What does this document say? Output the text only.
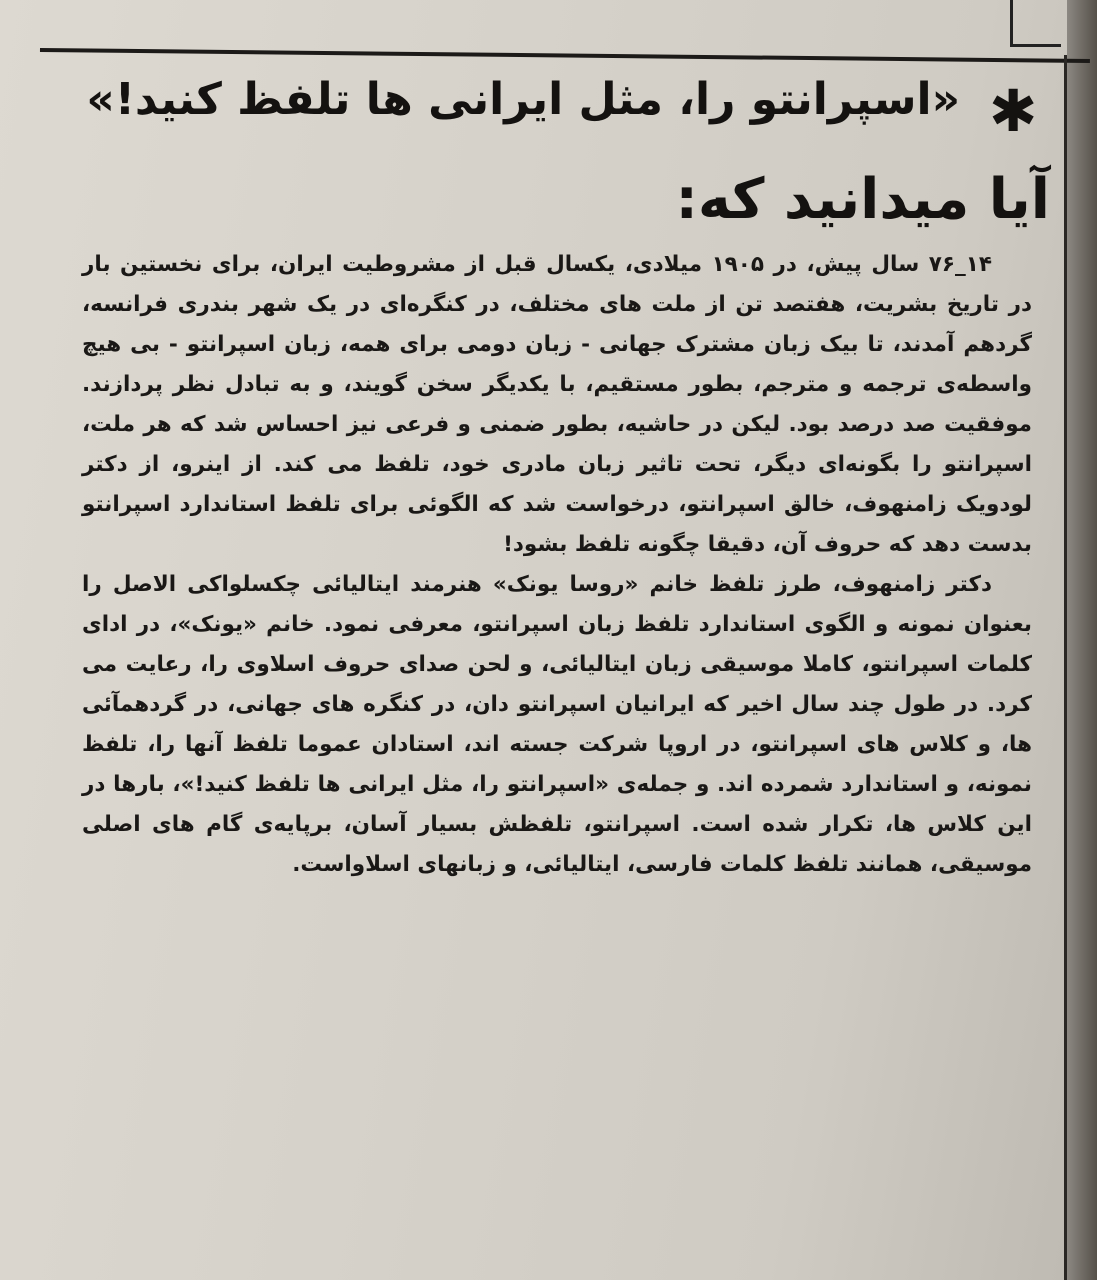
✱
«اسپرانتو را، مثل ایرانی ها تلفظ کنید!»
آیا میدانید که:

۱۴_۷۶ سال پیش، در ۱۹۰۵ میلادی، یکسال قبل از مشروطیت ایران، برای نخستین بار در تاریخ بشریت، هفتصد تن از ملت های مختلف، در کنگره‌ای در یک شهر بندری فرانسه، گردهم آمدند، تا بیک زبان مشترک جهانی - زبان دومی برای همه، زبان اسپرانتو - بی هیچ واسطه‌ی ترجمه و مترجم، بطور مستقیم، با یکدیگر سخن گویند، و به تبادل نظر پردازند. موفقیت صد درصد بود. لیکن در حاشیه، بطور ضمنی و فرعی نیز احساس شد که هر ملت، اسپرانتو را بگونه‌ای دیگر، تحت تاثیر زبان مادری خود، تلفظ می کند. از اینرو، از دکتر لودویک زامنهوف، خالق اسپرانتو، درخواست شد که الگوئی برای تلفظ استاندارد اسپرانتو بدست دهد که حروف آن، دقیقا چگونه تلفظ بشود!

دکتر زامنهوف، طرز تلفظ خانم «روسا یونک» هنرمند ایتالیائی چکسلواکی الاصل را بعنوان نمونه و الگوی استاندارد تلفظ زبان اسپرانتو، معرفی نمود. خانم «یونک»، در ادای کلمات اسپرانتو، کاملا موسیقی زبان ایتالیائی، و لحن صدای حروف اسلاوی را، رعایت می کرد. در طول چند سال اخیر که ایرانیان اسپرانتو دان، در کنگره های جهانی، در گردهمآئی ها، و کلاس های اسپرانتو، در اروپا شرکت جسته اند، استادان عموما تلفظ آنها را، تلفظ نمونه، و استاندارد شمرده اند. و جمله‌ی «اسپرانتو را، مثل ایرانی ها تلفظ کنید!»، بارها در این کلاس ها، تکرار شده است. اسپرانتو، تلفظش بسیار آسان، برپایه‌ی گام های اصلی موسیقی، همانند تلفظ کلمات فارسی، ایتالیائی، و زبانهای اسلاواست.
